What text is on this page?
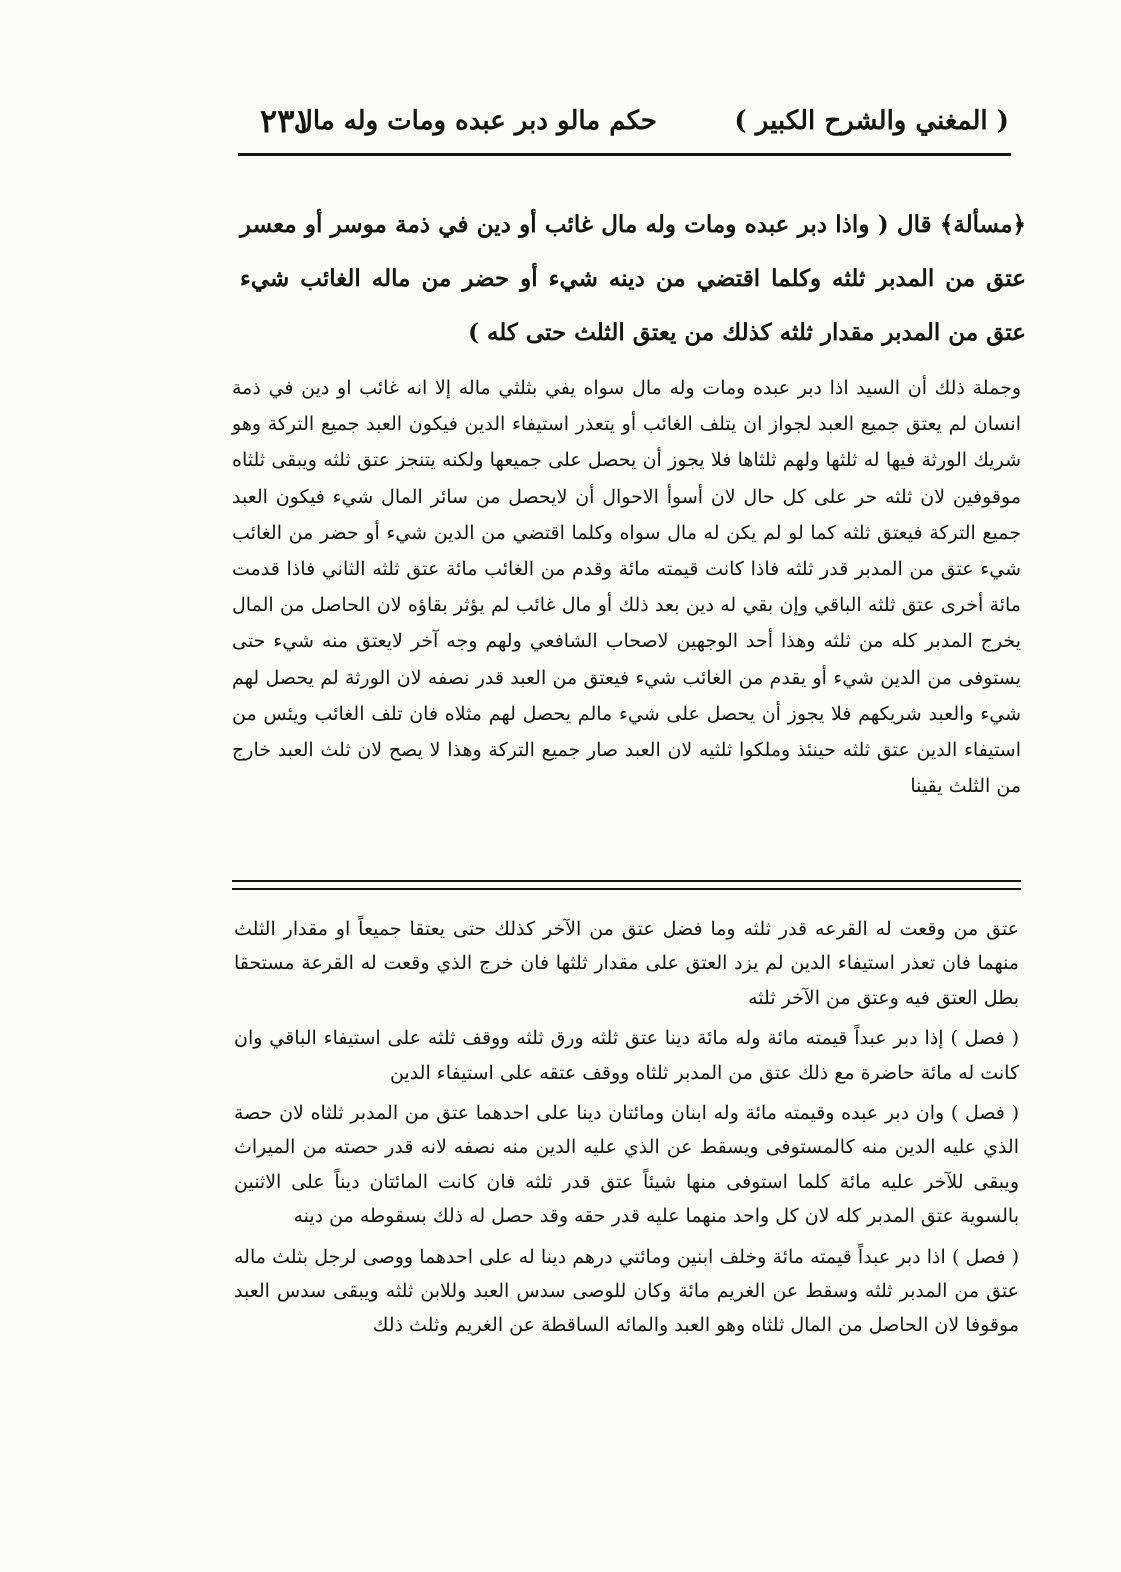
( المغني والشرح الكبير )
حكم مالو دبر عبده ومات وله مال
٢٣١
﴿مسألة﴾ قال ( واذا دبر عبده ومات وله مال غائب أو دين في ذمة موسر أو معسر عتق من المدبر ثلثه وكلما اقتضي من دينه شيء أو حضر من ماله الغائب شيء عتق من المدبر مقدار ثلثه كذلك من يعتق الثلث حتى كله )
وجملة ذلك أن السيد اذا دبر عبده ومات وله مال سواه يفي بثلثي ماله إلا انه غائب او دين في ذمة انسان لم يعتق جميع العبد لجواز ان يتلف الغائب أو يتعذر استيفاء الدين فيكون العبد جميع التركة وهو شريك الورثة فيها له ثلثها ولهم ثلثاها فلا يجوز أن يحصل على جميعها ولكنه يتنجز عتق ثلثه ويبقى ثلثاه موقوفين لان ثلثه حر على كل حال لان أسوأ الاحوال أن لايحصل من سائر المال شيء فيكون العبد جميع التركة فيعتق ثلثه كما لو لم يكن له مال سواه وكلما اقتضي من الدين شيء أو حضر من الغائب شيء عتق من المدبر قدر ثلثه فاذا كانت قيمته مائة وقدم من الغائب مائة عتق ثلثه الثاني فاذا قدمت مائة أخرى عتق ثلثه الباقي وإن بقي له دين بعد ذلك أو مال غائب لم يؤثر بقاؤه لان الحاصل من المال يخرج المدبر كله من ثلثه وهذا أحد الوجهين لاصحاب الشافعي ولهم وجه آخر لايعتق منه شيء حتى يستوفى من الدين شيء أو يقدم من الغائب شيء فيعتق من العبد قدر نصفه لان الورثة لم يحصل لهم شيء والعبد شريكهم فلا يجوز أن يحصل على شيء مالم يحصل لهم مثلاه فان تلف الغائب ويئس من استيفاء الدين عتق ثلثه حينئذ وملكوا ثلثيه لان العبد صار جميع التركة وهذا لا يصح لان ثلث العبد خارج من الثلث يقينا

عتق من وقعت له القرعه قدر ثلثه وما فضل عتق من الآخر كذلك حتى يعتقا جميعاً او مقدار الثلث منهما فان تعذر استيفاء الدين لم يزد العتق على مقدار ثلثها فان خرج الذي وقعت له القرعة مستحقا بطل العتق فيه وعتق من الآخر ثلثه

( فصل ) إذا دبر عبداً قيمته مائة وله مائة دينا عتق ثلثه ورق ثلثه ووقف ثلثه على استيفاء الباقي وان كانت له مائة حاضرة مع ذلك عتق من المدبر ثلثاه ووقف عتقه على استيفاء الدين

( فصل ) وان دبر عبده وقيمته مائة وله ابنان ومائتان دينا على احدهما عتق من المدبر ثلثاه لان حصة الذي عليه الدين منه كالمستوفى ويسقط عن الذي عليه الدين منه نصفه لانه قدر حصته من الميراث ويبقى للآخر عليه مائة كلما استوفى منها شيئاً عتق قدر ثلثه فان كانت المائتان ديناً على الاثنين بالسوية عتق المدبر كله لان كل واحد منهما عليه قدر حقه وقد حصل له ذلك بسقوطه من دينه

( فصل ) اذا دبر عبداً قيمته مائة وخلف ابنين ومائتي درهم دينا له على احدهما ووصى لرجل بثلث ماله عتق من المدبر ثلثه وسقط عن الغريم مائة وكان للوصى سدس العبد وللابن ثلثه ويبقى سدس العبد موقوفا لان الحاصل من المال ثلثاه وهو العبد والمائه الساقطة عن الغريم وثلث ذلك
